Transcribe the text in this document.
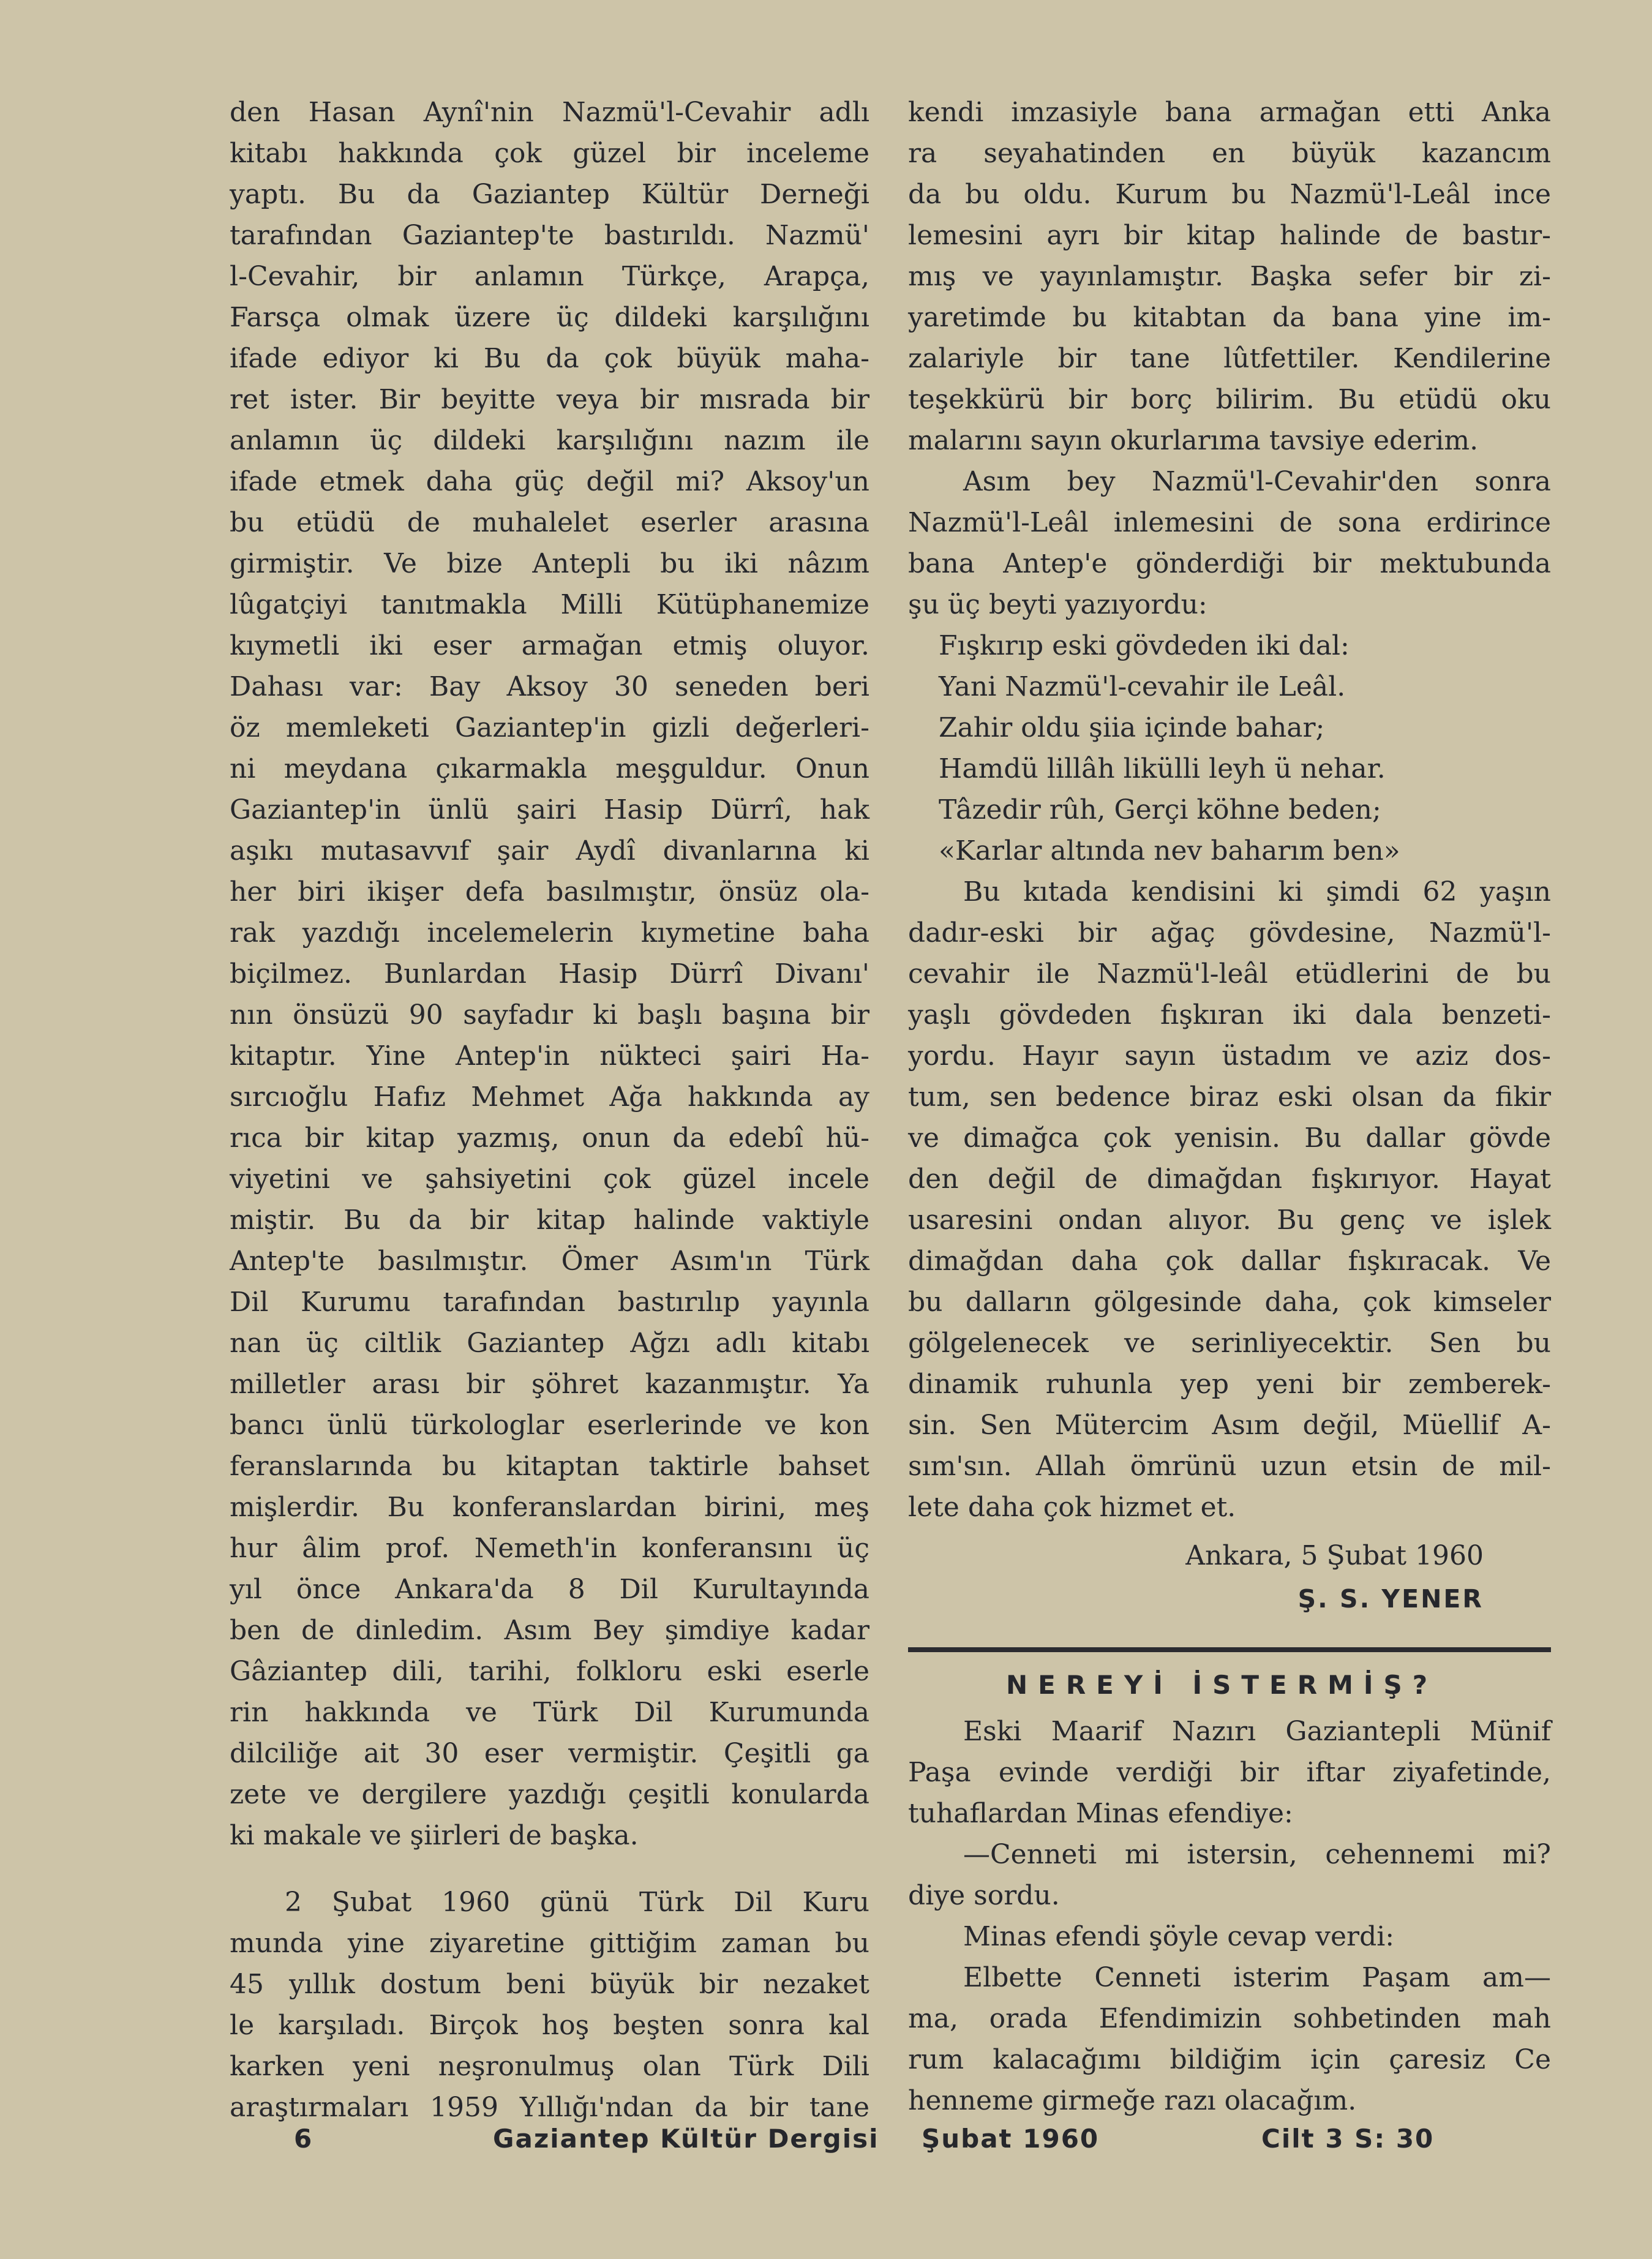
den Hasan Aynî'nin Nazmü'l-Cevahir adlı

kitabı hakkında çok güzel bir inceleme

yaptı. Bu da Gaziantep Kültür Derneği

tarafından Gaziantep'te bastırıldı. Nazmü'

l-Cevahir, bir anlamın Türkçe, Arapça,

Farsça olmak üzere üç dildeki karşılığını

ifade ediyor ki Bu da çok büyük maha-

ret ister. Bir beyitte veya bir mısrada bir

anlamın üç dildeki karşılığını nazım ile

ifade etmek daha güç değil mi? Aksoy'un

bu etüdü de muhalelet eserler arasına

girmiştir. Ve bize Antepli bu iki nâzım

lûgatçiyi tanıtmakla Milli Kütüphanemize

kıymetli iki eser armağan etmiş oluyor.

Dahası var: Bay Aksoy 30 seneden beri

öz memleketi Gaziantep'in gizli değerleri-

ni meydana çıkarmakla meşguldur. Onun

Gaziantep'in ünlü şairi Hasip Dürrî, hak

aşıkı mutasavvıf şair Aydî divanlarına ki

her biri ikişer defa basılmıştır, önsüz ola-

rak yazdığı incelemelerin kıymetine baha

biçilmez. Bunlardan Hasip Dürrî Divanı'

nın önsüzü 90 sayfadır ki başlı başına bir

kitaptır. Yine Antep'in nükteci şairi Ha-

sırcıoğlu Hafız Mehmet Ağa hakkında ay

rıca bir kitap yazmış, onun da edebî hü-

viyetini ve şahsiyetini çok güzel incele

miştir. Bu da bir kitap halinde vaktiyle

Antep'te basılmıştır. Ömer Asım'ın Türk

Dil Kurumu tarafından bastırılıp yayınla

nan üç ciltlik Gaziantep Ağzı adlı kitabı

milletler arası bir şöhret kazanmıştır. Ya

bancı ünlü türkologlar eserlerinde ve kon

feranslarında bu kitaptan taktirle bahset

mişlerdir. Bu konferanslardan birini, meş

hur âlim prof. Nemeth'in konferansını üç

yıl önce Ankara'da 8 Dil Kurultayında

ben de dinledim. Asım Bey şimdiye kadar

Gâziantep dili, tarihi, folkloru eski eserle

rin hakkında ve Türk Dil Kurumunda

dilciliğe ait 30 eser vermiştir. Çeşitli ga

zete ve dergilere yazdığı çeşitli konularda

ki makale ve şiirleri de başka.

2 Şubat 1960 günü Türk Dil Kuru

munda yine ziyaretine gittiğim zaman bu

45 yıllık dostum beni büyük bir nezaket

le karşıladı. Birçok hoş beşten sonra kal

karken yeni neşronulmuş olan Türk Dili

araştırmaları 1959 Yıllığı'ndan da bir tane

kendi imzasiyle bana armağan etti Anka

ra seyahatinden en büyük kazancım

da bu oldu. Kurum bu Nazmü'l-Leâl ince

lemesini ayrı bir kitap halinde de bastır-

mış ve yayınlamıştır. Başka sefer bir zi-

yaretimde bu kitabtan da bana yine im-

zalariyle bir tane lûtfettiler. Kendilerine

teşekkürü bir borç bilirim. Bu etüdü oku

malarını sayın okurlarıma tavsiye ederim.

Asım bey Nazmü'l-Cevahir'den sonra

Nazmü'l-Leâl inlemesini de sona erdirince

bana Antep'e gönderdiği bir mektubunda

şu üç beyti yazıyordu:

Fışkırıp eski gövdeden iki dal:

Yani Nazmü'l-cevahir ile Leâl.

Zahir oldu şiia içinde bahar;

Hamdü lillâh likülli leyh ü nehar.

Tâzedir rûh, Gerçi köhne beden;

«Karlar altında nev baharım ben»

Bu kıtada kendisini ki şimdi 62 yaşın

dadır-eski bir ağaç gövdesine, Nazmü'l-

cevahir ile Nazmü'l-leâl etüdlerini de bu

yaşlı gövdeden fışkıran iki dala benzeti-

yordu. Hayır sayın üstadım ve aziz dos-

tum, sen bedence biraz eski olsan da fikir

ve dimağca çok yenisin. Bu dallar gövde

den değil de dimağdan fışkırıyor. Hayat

usaresini ondan alıyor. Bu genç ve işlek

dimağdan daha çok dallar fışkıracak. Ve

bu dalların gölgesinde daha, çok kimseler

gölgelenecek ve serinliyecektir. Sen bu

dinamik ruhunla yep yeni bir zemberek-

sin. Sen Mütercim Asım değil, Müellif A-

sım'sın. Allah ömrünü uzun etsin de mil-

lete daha çok hizmet et.

Ankara, 5 Şubat 1960

Ş. S. YENER

NEREYİ İSTERMİŞ?

Eski Maarif Nazırı Gaziantepli Münif

Paşa evinde verdiği bir iftar ziyafetinde,

tuhaflardan Minas efendiye:

—Cenneti mi istersin, cehennemi mi?

diye sordu.

Minas efendi şöyle cevap verdi:

Elbette Cenneti isterim Paşam am—

ma, orada Efendimizin sohbetinden mah

rum kalacağımı bildiğim için çaresiz Ce

henneme girmeğe razı olacağım.

6	Gaziantep Kültür Dergisi Şubat 1960	Cilt 3 S: 30
